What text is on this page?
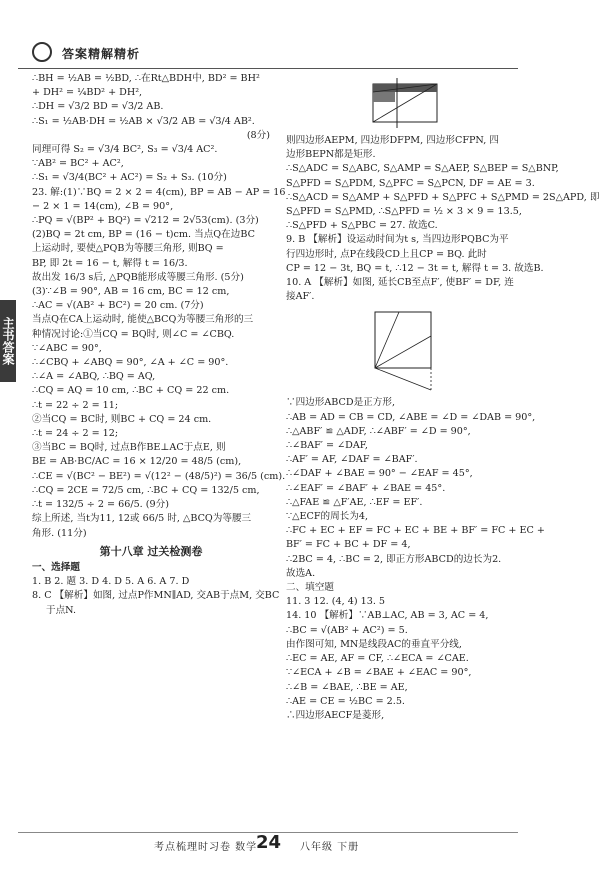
答案精解精析
主书答案
∴BH = ½AB = ½BD, ∴在Rt△BDH中, BD² = BH²
+ DH² = ¼BD² + DH²,
∴DH = √3/2 BD = √3/2 AB.
∴S₁ = ½AB·DH = ½AB × √3/2 AB = √3/4 AB².
(8分)
同理可得 S₂ = √3/4 BC², S₃ = √3/4 AC².
∵AB² = BC² + AC²,
∴S₁ = √3/4(BC² + AC²) = S₂ + S₃. (10分)
23. 解:(1)∵BQ = 2 × 2 = 4(cm), BP = AB − AP = 16
− 2 × 1 = 14(cm), ∠B = 90°,
∴PQ = √(BP² + BQ²) = √212 = 2√53(cm). (3分)
(2)BQ = 2t cm, BP = (16 − t)cm. 当点Q在边BC
上运动时, 要使△PQB为等腰三角形, 则BQ =
BP, 即 2t = 16 − t, 解得 t = 16/3.
故出发 16/3 s后, △PQB能形成等腰三角形. (5分)
(3)∵∠B = 90°, AB = 16 cm, BC = 12 cm,
∴AC = √(AB² + BC²) = 20 cm. (7分)
当点Q在CA上运动时, 能使△BCQ为等腰三角形的三
种情况讨论:①当CQ = BQ时, 则∠C = ∠CBQ.
∵∠ABC = 90°,
∴∠CBQ + ∠ABQ = 90°, ∠A + ∠C = 90°.
∴∠A = ∠ABQ, ∴BQ = AQ,
∴CQ = AQ = 10 cm, ∴BC + CQ = 22 cm.
∴t = 22 ÷ 2 = 11;
②当CQ = BC时, 则BC + CQ = 24 cm.
∴t = 24 ÷ 2 = 12;
③当BC = BQ时, 过点B作BE⊥AC于点E, 则
BE = AB·BC/AC = 16 × 12/20 = 48/5 (cm),
∴CE = √(BC² − BE²) = √(12² − (48/5)²) = 36/5 (cm).
∴CQ = 2CE = 72/5 cm, ∴BC + CQ = 132/5 cm,
∴t = 132/5 ÷ 2 = 66/5. (9分)
综上所述, 当t为11, 12或 66/5 时, △BCQ为等腰三
角形. (11分)
第十八章 过关检测卷
一、选择题
1. B 2. 题 3. D 4. D 5. A 6. A 7. D
8. C 【解析】如图, 过点P作MN∥AD, 交AB于点M, 交BC
于点N.
则四边形AEPM, 四边形DFPM, 四边形CFPN, 四
边形BEPN都是矩形.
∴S△ADC = S△ABC, S△AMP = S△AEP, S△BEP = S△BNP,
S△PFD = S△PDM, S△PFC = S△PCN, DF = AE = 3.
∴S△ACD = S△AMP + S△PFD + S△PFC + S△PMD = 2S△APD, 即
S△PFD = S△PMD, ∴S△PFD = ½ × 3 × 9 = 13.5,
∴S△PFD + S△PBC = 27. 故选C.
9. B 【解析】设运动时间为t s, 当四边形PQBC为平
行四边形时, 点P在线段CD上且CP = BQ. 此时
CP = 12 − 3t, BQ = t, ∴12 − 3t = t, 解得 t = 3. 故选B.
10. A 【解析】如图, 延长CB至点F′, 使BF′ = DF, 连
接AF′.
∵四边形ABCD是正方形,
∴AB = AD = CB = CD, ∠ABE = ∠D = ∠DAB = 90°,
∴△ABF′ ≌ △ADF, ∴∠ABF′ = ∠D = 90°,
∴∠BAF′ = ∠DAF,
∴AF′ = AF, ∠DAF = ∠BAF′.
∴∠DAF + ∠BAE = 90° − ∠EAF = 45°,
∴∠EAF′ = ∠BAF′ + ∠BAE = 45°.
∴△FAE ≌ △F′AE, ∴EF = EF′.
∵△ECF的周长为4,
∴FC + EC + EF = FC + EC + BE + BF′ = FC + EC +
BF′ = FC + BC + DF = 4,
∴2BC = 4, ∴BC = 2, 即正方形ABCD的边长为2.
故选A.
二、填空题
11. 3 12. (4, 4) 13. 5
14. 10 【解析】∵AB⊥AC, AB = 3, AC = 4,
∴BC = √(AB² + AC²) = 5.
由作图可知, MN是线段AC的垂直平分线,
∴EC = AE, AF = CF, ∴∠ECA = ∠CAE.
∵∠ECA + ∠B = ∠BAE + ∠EAC = 90°,
∴∠B = ∠BAE, ∴BE = AE,
∴AE = CE = ½BC = 2.5.
∴四边形AECF是菱形,
考点梳理时习卷 数学
24 八年级 下册
